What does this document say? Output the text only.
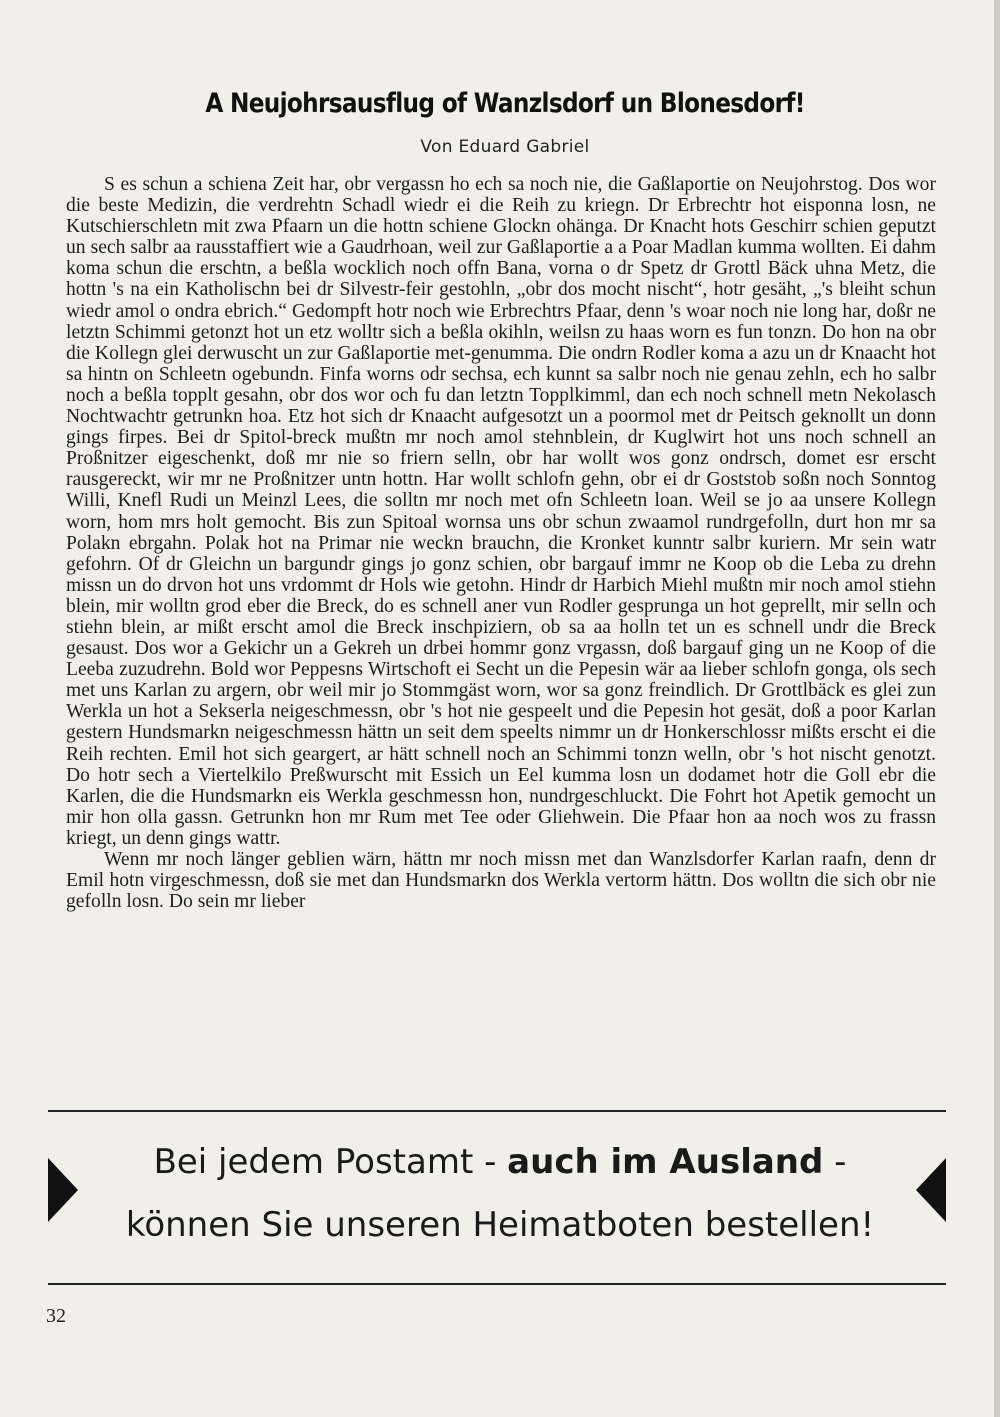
A Neujohrsausflug of Wanzlsdorf un Blonesdorf!
Von Eduard Gabriel

S es schun a schiena Zeit har, obr vergassn ho ech sa noch nie, die Gaßlaportie on Neujohrstog. Dos wor die beste Medizin, die verdrehtn Schadl wiedr ei die Reih zu kriegn. Dr Erbrechtr hot eisponna losn, ne Kutschierschletn mit zwa Pfaarn un die hottn schiene Glockn ohänga. Dr Knacht hots Geschirr schien geputzt un sech salbr aa rausstaffiert wie a Gaudrhoan, weil zur Gaßlaportie a a Poar Madlan kumma wollten. Ei dahm koma schun die erschtn, a beßla wocklich noch offn Bana, vorna o dr Spetz dr Grottl Bäck uhna Metz, die hottn 's na ein Katholischn bei dr Silvestr-feir gestohln, „obr dos mocht nischt“, hotr gesäht, „'s bleiht schun wiedr amol o ondra ebrich.“ Gedompft hotr noch wie Erbrechtrs Pfaar, denn 's woar noch nie long har, doßr ne letztn Schimmi getonzt hot un etz wolltr sich a beßla okihln, weilsn zu haas worn es fun tonzn. Do hon na obr die Kollegn glei derwuscht un zur Gaßlaportie met-genumma. Die ondrn Rodler koma a azu un dr Knaacht hot sa hintn on Schleetn ogebundn. Finfa worns odr sechsa, ech kunnt sa salbr noch nie genau zehln, ech ho salbr noch a beßla topplt gesahn, obr dos wor och fu dan letztn Topplkimml, dan ech noch schnell metn Nekolasch Nochtwachtr getrunkn hoa. Etz hot sich dr Knaacht aufgesotzt un a poormol met dr Peitsch geknollt un donn gings firpes. Bei dr Spitol-breck mußtn mr noch amol stehnblein, dr Kuglwirt hot uns noch schnell an Proßnitzer eigeschenkt, doß mr nie so friern selln, obr har wollt wos gonz ondrsch, domet esr erscht rausgereckt, wir mr ne Proßnitzer untn hottn. Har wollt schlofn gehn, obr ei dr Goststob soßn noch Sonntog Willi, Knefl Rudi un Meinzl Lees, die solltn mr noch met ofn Schleetn loan. Weil se jo aa unsere Kollegn worn, hom mrs holt gemocht. Bis zun Spitoal wornsa uns obr schun zwaamol rundrgefolln, durt hon mr sa Polakn ebrgahn. Polak hot na Primar nie weckn brauchn, die Kronket kunntr salbr kuriern. Mr sein watr gefohrn. Of dr Gleichn un bargundr gings jo gonz schien, obr bargauf immr ne Koop ob die Leba zu drehn missn un do drvon hot uns vrdommt dr Hols wie getohn. Hindr dr Harbich Miehl mußtn mir noch amol stiehn blein, mir wolltn grod eber die Breck, do es schnell aner vun Rodler gesprunga un hot geprellt, mir selln och stiehn blein, ar mißt erscht amol die Breck inschpiziern, ob sa aa holln tet un es schnell undr die Breck gesaust. Dos wor a Gekichr un a Gekreh un drbei hommr gonz vrgassn, doß bargauf ging un ne Koop of die Leeba zuzudrehn. Bold wor Peppesns Wirtschoft ei Secht un die Pepesin wär aa lieber schlofn gonga, ols sech met uns Karlan zu argern, obr weil mir jo Stommgäst worn, wor sa gonz freindlich. Dr Grottlbäck es glei zun Werkla un hot a Sekserla neigeschmessn, obr 's hot nie gespeelt und die Pepesin hot gesät, doß a poor Karlan gestern Hundsmarkn neigeschmessn hättn un seit dem speelts nimmr un dr Honkerschlossr mißts erscht ei die Reih rechten. Emil hot sich geargert, ar hätt schnell noch an Schimmi tonzn welln, obr 's hot nischt genotzt. Do hotr sech a Viertelkilo Preßwurscht mit Essich un Eel kumma losn un dodamet hotr die Goll ebr die Karlen, die die Hundsmarkn eis Werkla geschmessn hon, nundrgeschluckt. Die Fohrt hot Apetik gemocht un mir hon olla gassn. Getrunkn hon mr Rum met Tee oder Gliehwein. Die Pfaar hon aa noch wos zu frassn kriegt, un denn gings wattr.

Wenn mr noch länger geblien wärn, hättn mr noch missn met dan Wanzlsdorfer Karlan raafn, denn dr Emil hotn virgeschmessn, doß sie met dan Hundsmarkn dos Werkla vertorm hättn. Dos wolltn die sich obr nie gefolln losn. Do sein mr lieber

Bei jedem Postamt - auch im Ausland -
können Sie unseren Heimatboten bestellen!
32
